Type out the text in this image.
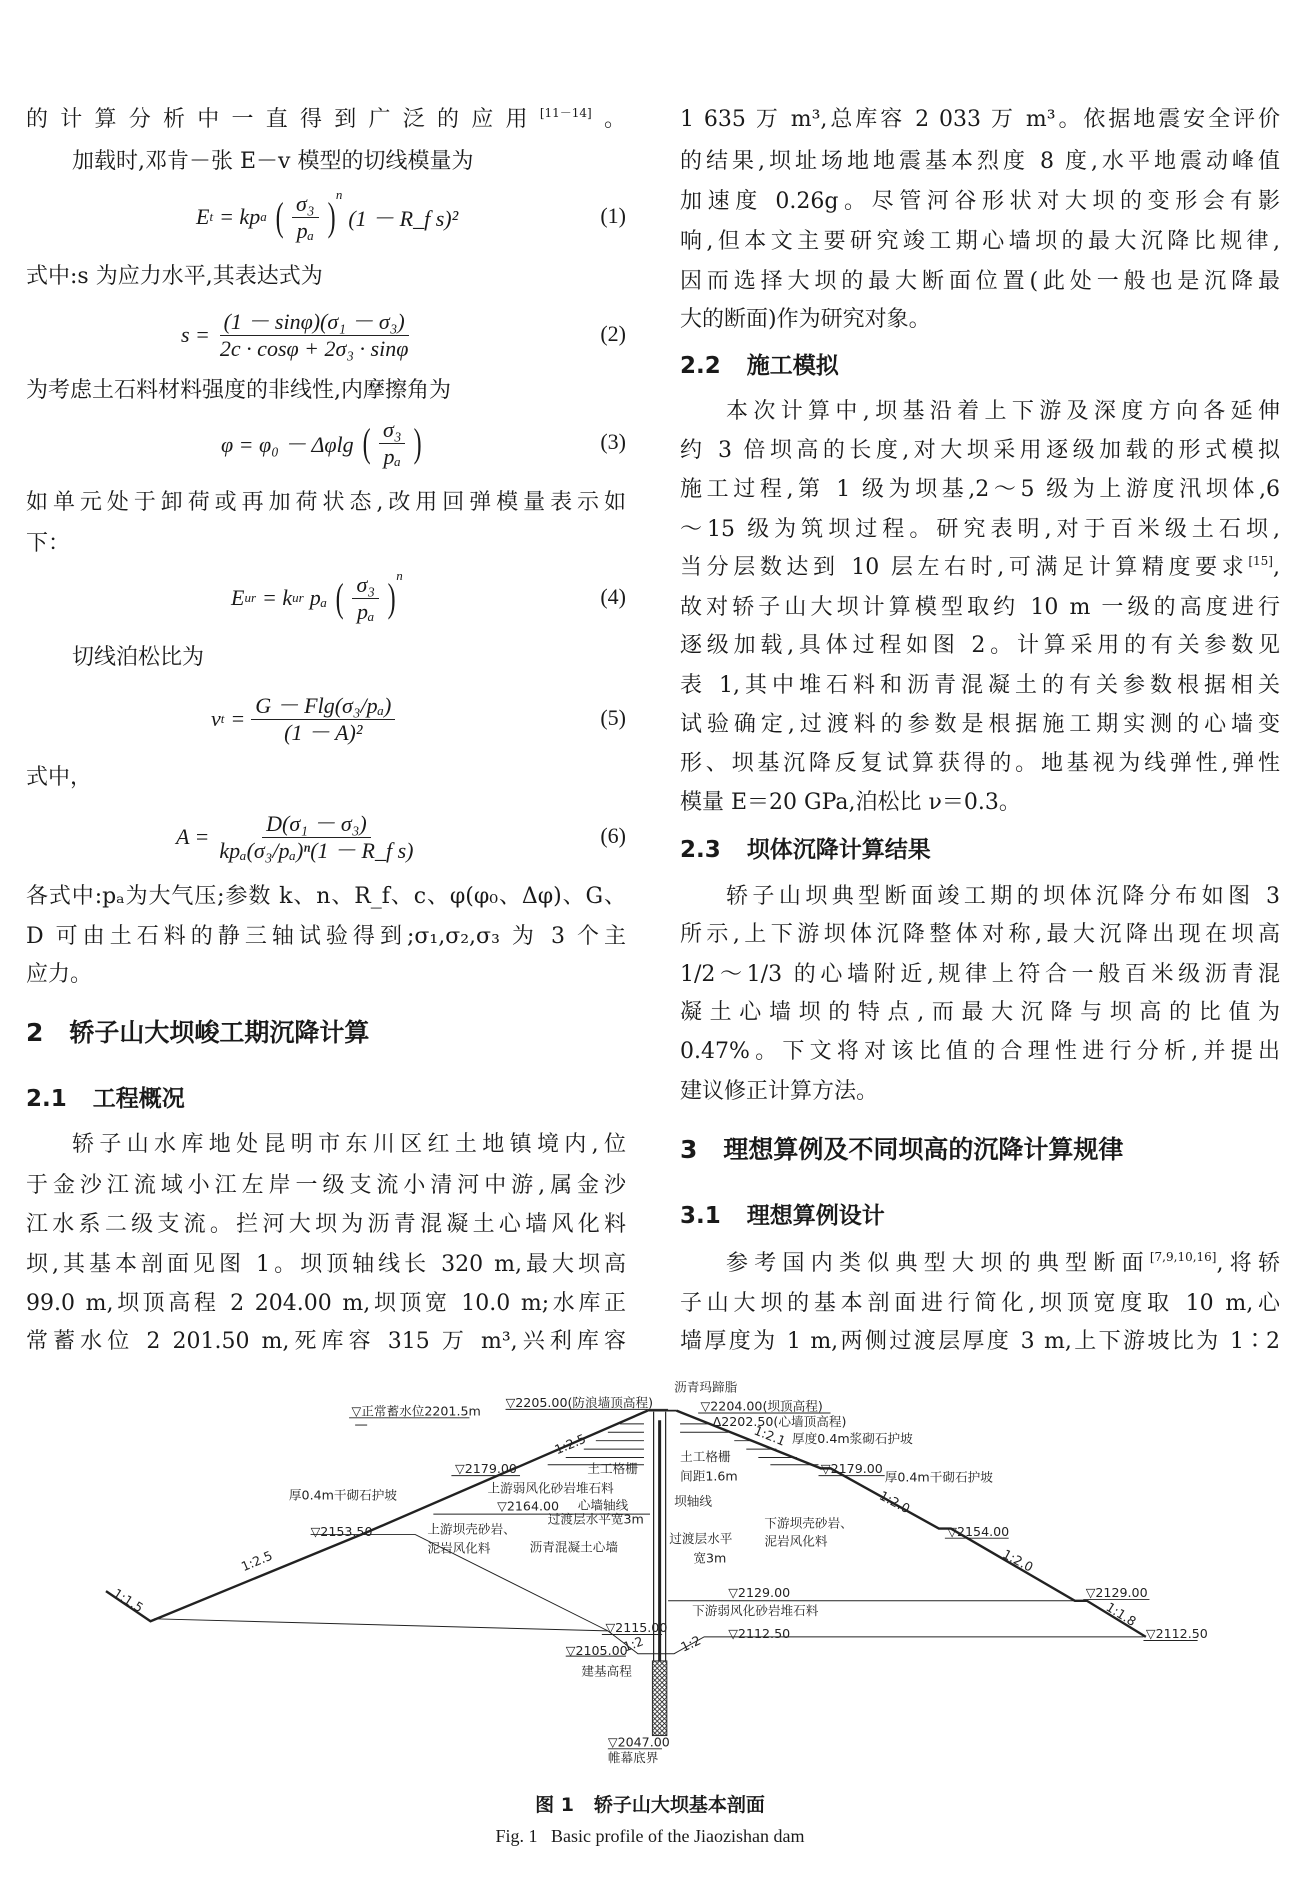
的计算分析中一直得到广泛的应用[11－14]。
加载时,邓肯－张 E－v 模型的切线模量为
E t = kp a ( $\frac{\text{σ₃}}{\text{pₐ}} )^n$
(1 － R_f s)²	(1)
式中:s 为应力水平,其表达式为
$s = \frac{\text{(1 － sinφ)(σ₁ － σ₃)}}{\text{2c · cosφ + 2σ₃ · sinφ}}$	(2)
为考虑土石料材料强度的非线性,内摩擦角为
φ = φ₀ － Δφlg ( $\frac{\text{σ₃}}{\text{pₐ}}$ )	(3)
如单元处于卸荷或再加荷状态,改用回弹模量表示如
下：
E ur = k ur pₐ ( $\frac{\text{σ₃}}{\text{pₐ}} )^n$
(4)
切线泊松比为
ν $t = \frac{\text{G － Flg(σ₃/pₐ)}}{\text{(1 － A)²}}$	(5)
式中，
$A = \frac{\text{D(σ₁ － σ₃)}}{\text{kpₐ(σ₃/pₐ)ⁿ(1 － R\_f s)}}$	(6)
各式中:pₐ为大气压;参数 k、n、R_f、c、φ(φ₀、Δφ)、G、
D 可由土石料的静三轴试验得到;σ₁,σ₂,σ₃ 为 3 个主
应力。
2 轿子山大坝峻工期沉降计算
2.1 工程概况
轿子山水库地处昆明市东川区红土地镇境内,位
于金沙江流域小江左岸一级支流小清河中游,属金沙
江水系二级支流。拦河大坝为沥青混凝土心墙风化料
坝,其基本剖面见图 1。坝顶轴线长 320 m,最大坝高
99.0 m,坝顶高程 2 204.00 m,坝顶宽 10.0 m;水库正
常蓄水位 2 201.50 m,死库容 315 万 m³,兴利库容
1 635 万 m³,总库容 2 033 万 m³。依据地震安全评价
的结果,坝址场地地震基本烈度 8 度,水平地震动峰值
加速度 0.26g。尽管河谷形状对大坝的变形会有影
响,但本文主要研究竣工期心墙坝的最大沉降比规律,
因而选择大坝的最大断面位置(此处一般也是沉降最
大的断面)作为研究对象。
2.2 施工模拟
本次计算中,坝基沿着上下游及深度方向各延伸
约 3 倍坝高的长度,对大坝采用逐级加载的形式模拟
施工过程,第 1 级为坝基,2～5 级为上游度汛坝体,6
～15 级为筑坝过程。研究表明,对于百米级土石坝,
当分层数达到 10 层左右时,可满足计算精度要求[15],
故对轿子山大坝计算模型取约 10 m 一级的高度进行
逐级加载,具体过程如图 2。计算采用的有关参数见
表 1,其中堆石料和沥青混凝土的有关参数根据相关
试验确定,过渡料的参数是根据施工期实测的心墙变
形、坝基沉降反复试算获得的。地基视为线弹性,弹性
模量 E＝20 GPa,泊松比 ν＝0.3。
2.3 坝体沉降计算结果
轿子山坝典型断面竣工期的坝体沉降分布如图 3
所示,上下游坝体沉降整体对称,最大沉降出现在坝高
1/2～1/3 的心墙附近,规律上符合一般百米级沥青混
凝土心墙坝的特点,而最大沉降与坝高的比值为
0.47%。下文将对该比值的合理性进行分析,并提出
建议修正计算方法。
3 理想算例及不同坝高的沉降计算规律
3.1 理想算例设计
参考国内类似典型大坝的典型断面[7,9,10,16],将轿
子山大坝的基本剖面进行简化,坝顶宽度取 10 m,心
墙厚度为 1 m,两侧过渡层厚度 3 m,上下游坡比为 1∶2
▽正常蓄水位2201.5m
▽2205.00(防浪墙顶高程)
沥青玛蹄脂
▽2204.00(坝顶高程)
Δ2202.50(心墙顶高程)
1:2.5	1:2.1 厚度0.4m浆砌石护坡
▽2179.00	土工格栅
土工格栅
间距1.6m	▽2179.00
厚0.4m干砌石护坡
厚0.4m干砌石护坡	上游弱风化砂岩堆石料
▽2164.00 心墙轴线	坝轴线
过渡层水平宽3m
1:2.0
▽2153.50	上游坝壳砂岩、
泥岩风化料	沥青混凝土心墙
过渡层水平
宽3m
下游坝壳砂岩、
泥岩风化料
▽2154.00
1:2.5	1:2.0
1:1.5	▽2129.00	▽2129.00
下游弱风化砂岩堆石料	1:1.8
▽2115.00
1:2	1:2 ▽2112.50	▽2112.50
▽2105.00
建基高程
▽2047.00
帷幕底界
图 1 轿子山大坝基本剖面
Fig. 1 Basic profile of the Jiaozishan dam
